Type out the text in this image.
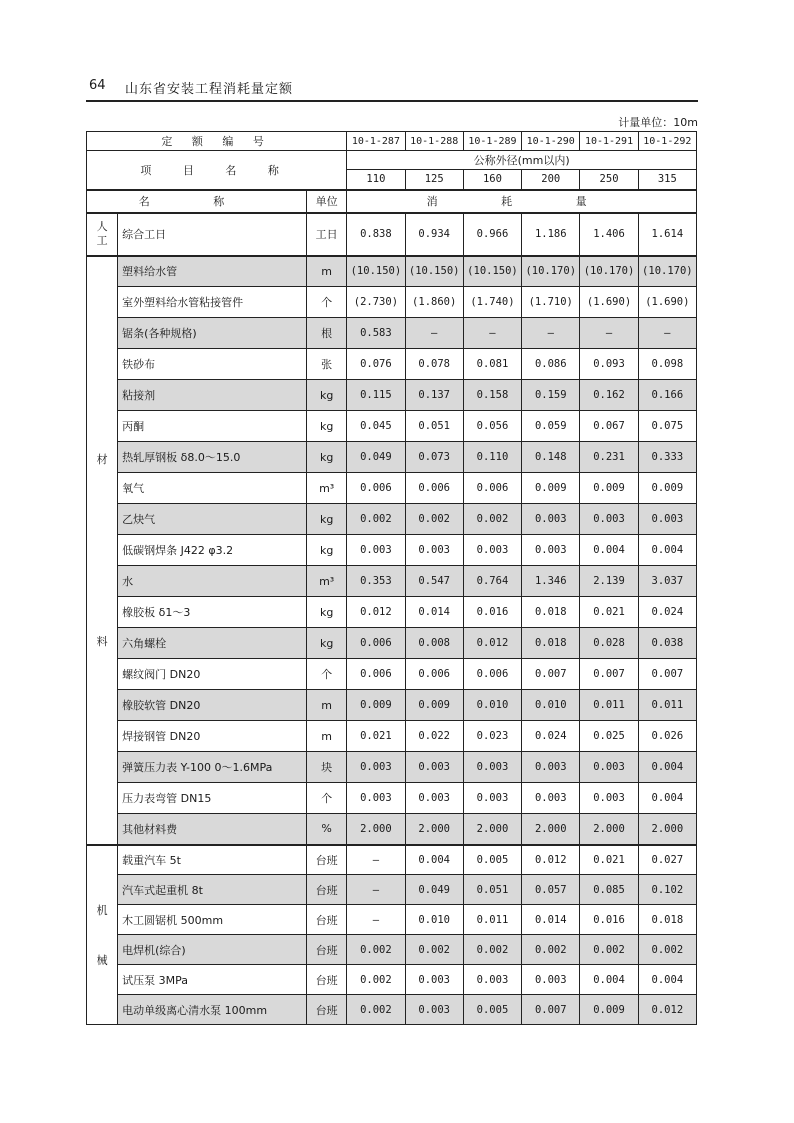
64 山东省安装工程消耗量定额
计量单位：10m
定 额 编 号			10-1-287	10-1-288	10-1-289	10-1-290	10-1-291	10-1-292
项 目 名 称			公称外径(mm以内)					
			110	125	160	200	250	315
名 称		单位	消 耗 量					
人工	综合工日	工日	0.838	0.934	0.966	1.186	1.406	1.614

材
料	塑料给水管	m	(10.150)	(10.150)	(10.150)	(10.170)	(10.170)	(10.170)
	室外塑料给水管粘接管件	个	(2.730)	(1.860)	(1.740)	(1.710)	(1.690)	(1.690)
	锯条(各种规格)	根	0.583	—	—	—	—	—
	铁砂布	张	0.076	0.078	0.081	0.086	0.093	0.098
	粘接剂	kg	0.115	0.137	0.158	0.159	0.162	0.166
	丙酮	kg	0.045	0.051	0.056	0.059	0.067	0.075
	热轧厚钢板 δ8.0～15.0	kg	0.049	0.073	0.110	0.148	0.231	0.333
	氧气	m³	0.006	0.006	0.006	0.009	0.009	0.009
	乙炔气	kg	0.002	0.002	0.002	0.003	0.003	0.003
	低碳钢焊条 J422 φ3.2	kg	0.003	0.003	0.003	0.003	0.004	0.004
	水	m³	0.353	0.547	0.764	1.346	2.139	3.037
	橡胶板 δ1～3	kg	0.012	0.014	0.016	0.018	0.021	0.024
	六角螺栓	kg	0.006	0.008	0.012	0.018	0.028	0.038
	螺纹阀门 DN20	个	0.006	0.006	0.006	0.007	0.007	0.007
	橡胶软管 DN20	m	0.009	0.009	0.010	0.010	0.011	0.011
	焊接钢管 DN20	m	0.021	0.022	0.023	0.024	0.025	0.026
	弹簧压力表 Y-100 0～1.6MPa	块	0.003	0.003	0.003	0.003	0.003	0.004
	压力表弯管 DN15	个	0.003	0.003	0.003	0.003	0.003	0.004
	其他材料费	%	2.000	2.000	2.000	2.000	2.000	2.000

机
械	载重汽车 5t	台班	—	0.004	0.005	0.012	0.021	0.027
	汽车式起重机 8t	台班	—	0.049	0.051	0.057	0.085	0.102
	木工圆锯机 500mm	台班	—	0.010	0.011	0.014	0.016	0.018
	电焊机(综合)	台班	0.002	0.002	0.002	0.002	0.002	0.002
	试压泵 3MPa	台班	0.002	0.003	0.003	0.003	0.004	0.004
	电动单级离心清水泵 100mm	台班	0.002	0.003	0.005	0.007	0.009	0.012
